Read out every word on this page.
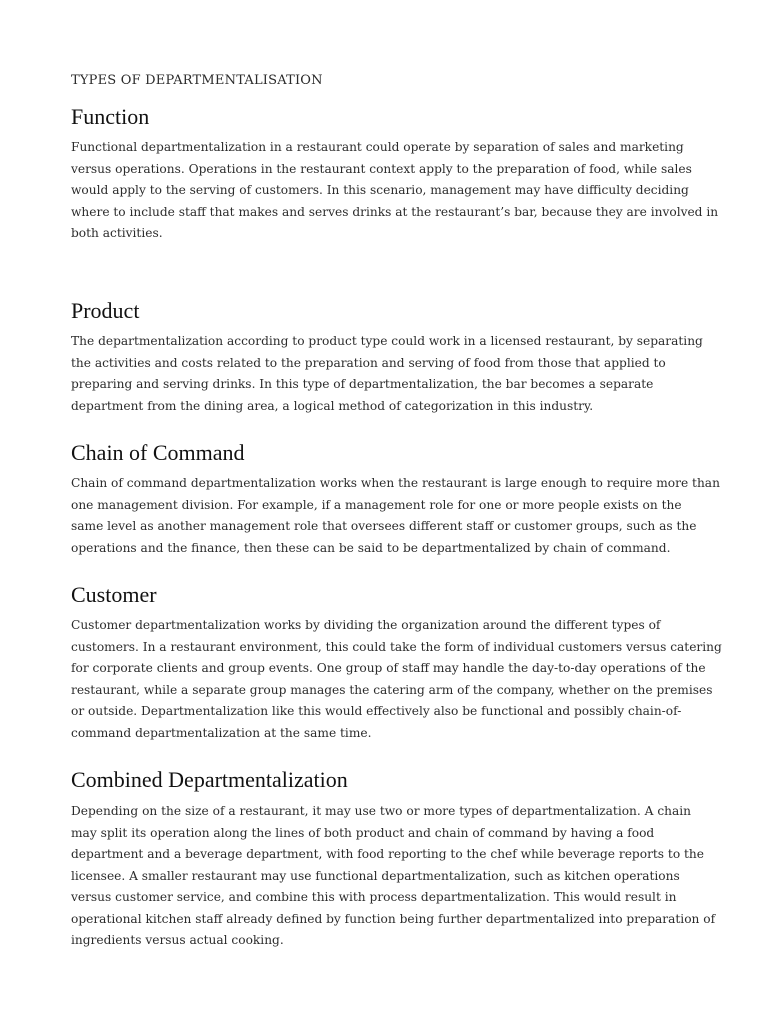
TYPES OF DEPARTMENTALISATION
Function

Functional departmentalization in a restaurant could operate by separation of sales and marketing
versus operations. Operations in the restaurant context apply to the preparation of food, while sales
would apply to the serving of customers. In this scenario, management may have difficulty deciding
where to include staff that makes and serves drinks at the restaurant’s bar, because they are involved in
both activities.

Product

The departmentalization according to product type could work in a licensed restaurant, by separating
the activities and costs related to the preparation and serving of food from those that applied to
preparing and serving drinks. In this type of departmentalization, the bar becomes a separate
department from the dining area, a logical method of categorization in this industry.

Chain of Command

Chain of command departmentalization works when the restaurant is large enough to require more than
one management division. For example, if a management role for one or more people exists on the
same level as another management role that oversees different staff or customer groups, such as the
operations and the finance, then these can be said to be departmentalized by chain of command.

Customer

Customer departmentalization works by dividing the organization around the different types of
customers. In a restaurant environment, this could take the form of individual customers versus catering
for corporate clients and group events. One group of staff may handle the day-to-day operations of the
restaurant, while a separate group manages the catering arm of the company, whether on the premises
or outside. Departmentalization like this would effectively also be functional and possibly chain-of-
command departmentalization at the same time.

Combined Departmentalization

Depending on the size of a restaurant, it may use two or more types of departmentalization. A chain
may split its operation along the lines of both product and chain of command by having a food
department and a beverage department, with food reporting to the chef while beverage reports to the
licensee. A smaller restaurant may use functional departmentalization, such as kitchen operations
versus customer service, and combine this with process departmentalization. This would result in
operational kitchen staff already defined by function being further departmentalized into preparation of
ingredients versus actual cooking.
